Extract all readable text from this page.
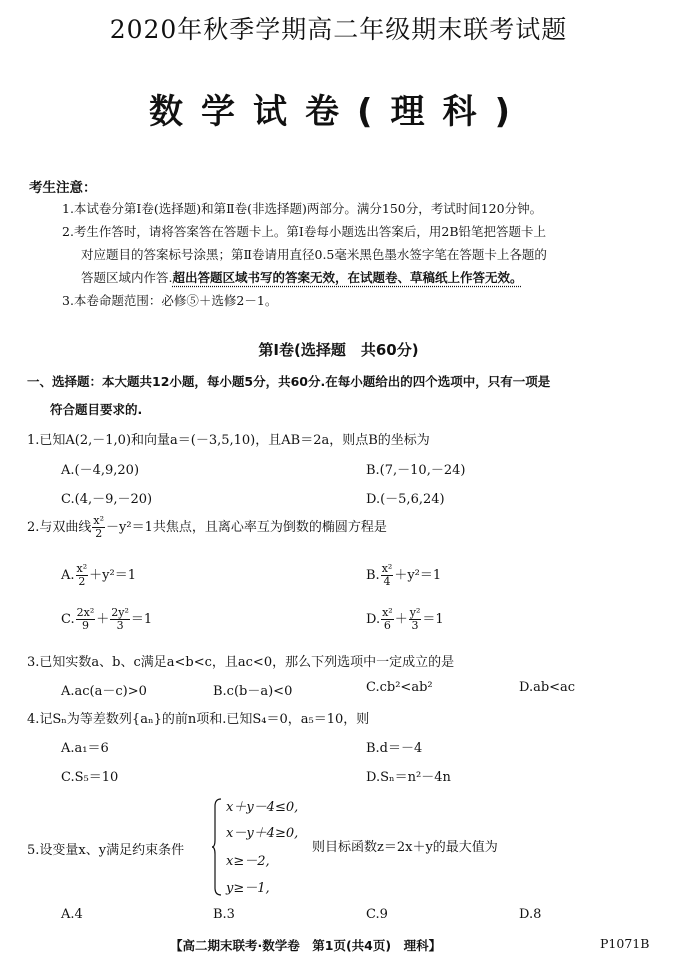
2020年秋季学期高二年级期末联考试题
数学试卷(理科)
考生注意：
1.本试卷分第Ⅰ卷(选择题)和第Ⅱ卷(非选择题)两部分。满分150分，考试时间120分钟。
2.考生作答时，请将答案答在答题卡上。第Ⅰ卷每小题选出答案后，用2B铅笔把答题卡上
对应题目的答案标号涂黑；第Ⅱ卷请用直径0.5毫米黑色墨水签字笔在答题卡上各题的
答题区域内作答.超出答题区域书写的答案无效，在试题卷、草稿纸上作答无效。
3.本卷命题范围：必修⑤＋选修2－1。
第Ⅰ卷(选择题　共60分)
一、选择题：本大题共12小题，每小题5分，共60分.在每小题给出的四个选项中，只有一项是
符合题目要求的.
1.已知A(2,－1,0)和向量a＝(－3,5,10)，且AB＝2a，则点B的坐标为
A.(－4,9,20)	B.(7,－10,－24)
C.(4,－9,－20)	D.(－5,6,24)
2.与双曲线 $\frac{\text{x²}}{2} -y^2=1$共焦点，且离心率互为倒数的椭圆方程是
A. $\frac{\text{x²}}{2} +y^2=1$	B. $\frac{\text{x²}}{4} +y^2=1$
C. $\frac{\text{2x²}}{9} + \frac{\text{2y²}}{3} =1$	D. $\frac{\text{x²}}{6} + \frac{\text{y²}}{3} =1$
3.已知实数a、b、c满足a<b<c，且ac<0，那么下列选项中一定成立的是
A.ac(a－c)>0	B.c(b－a)<0	C.cb²<ab²	D.ab<ac
4.记Sₙ为等差数列{aₙ}的前n项和.已知S₄＝0，a₅＝10，则
A.a₁＝6	B.d＝－4
C.S₅＝10	D.Sₙ＝n²－4n
5.设变量x、y满足约束条件
x＋y－4≤0,
x－y＋4≥0,
x≥－2,
y≥－1,
则目标函数z＝2x＋y的最大值为
A.4	B.3	C.9	D.8
【高二期末联考·数学卷　第1页(共4页)　理科】	P1071B
